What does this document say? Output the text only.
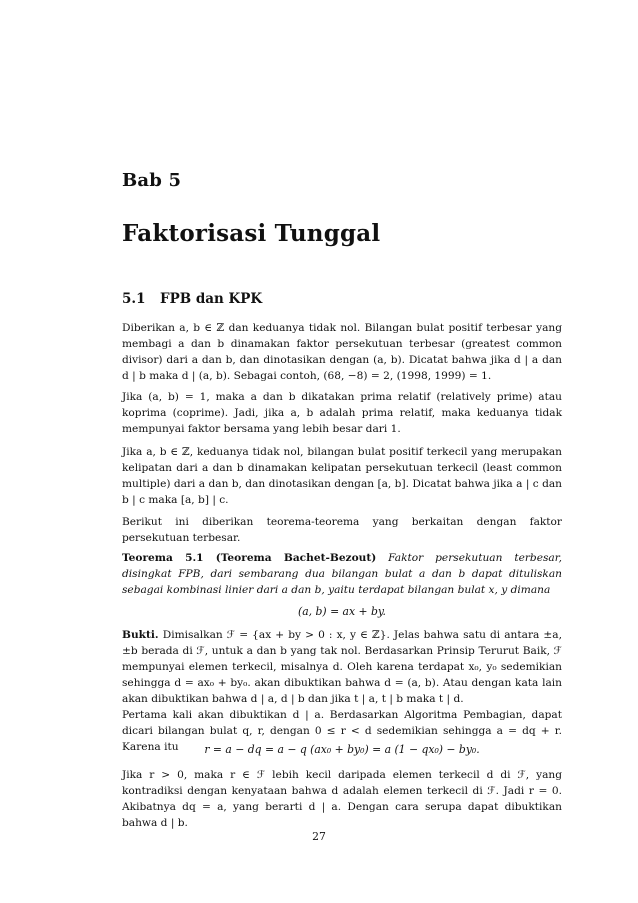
Bab 5
Faktorisasi Tunggal
5.1 FPB dan KPK

Diberikan a, b ∈ ℤ dan keduanya tidak nol. Bilangan bulat positif terbesar yang membagi a dan b dinamakan faktor persekutuan terbesar (greatest common divisor) dari a dan b, dan dinotasikan dengan (a, b). Dicatat bahwa jika d | a dan d | b maka d | (a, b). Sebagai contoh, (68, −8) = 2, (1998, 1999) = 1.

Jika (a, b) = 1, maka a dan b dikatakan prima relatif (relatively prime) atau koprima (coprime). Jadi, jika a, b adalah prima relatif, maka keduanya tidak mempunyai faktor bersama yang lebih besar dari 1.

Jika a, b ∈ ℤ, keduanya tidak nol, bilangan bulat positif terkecil yang merupakan kelipatan dari a dan b dinamakan kelipatan persekutuan terkecil (least common multiple) dari a dan b, dan dinotasikan dengan [a, b]. Dicatat bahwa jika a | c dan b | c maka [a, b] | c.

Berikut ini diberikan teorema-teorema yang berkaitan dengan faktor persekutuan terbesar.

Teorema 5.1 (Teorema Bachet-Bezout) Faktor persekutuan terbesar, disingkat FPB, dari sembarang dua bilangan bulat a dan b dapat dituliskan sebagai kombinasi linier dari a dan b, yaitu terdapat bilangan bulat x, y dimana

(a, b) = ax + by.

Bukti. Dimisalkan ℱ = {ax + by > 0 : x, y ∈ ℤ}. Jelas bahwa satu di antara ±a, ±b berada di ℱ, untuk a dan b yang tak nol. Berdasarkan Prinsip Terurut Baik, ℱ mempunyai elemen terkecil, misalnya d. Oleh karena terdapat x₀, y₀ sedemikian sehingga d = ax₀ + by₀. akan dibuktikan bahwa d = (a, b). Atau dengan kata lain akan dibuktikan bahwa d | a, d | b dan jika t | a, t | b maka t | d.

Pertama kali akan dibuktikan d | a. Berdasarkan Algoritma Pembagian, dapat dicari bilangan bulat q, r, dengan 0 ≤ r < d sedemikian sehingga a = dq + r. Karena itu	r = a − dq = a − q (ax₀ + by₀) = a (1 − qx₀) − by₀.

Jika r > 0, maka r ∈ ℱ lebih kecil daripada elemen terkecil d di ℱ, yang kontradiksi dengan kenyataan bahwa d adalah elemen terkecil di ℱ. Jadi r = 0. Akibatnya dq = a, yang berarti d | a. Dengan cara serupa dapat dibuktikan bahwa d | b.

27
